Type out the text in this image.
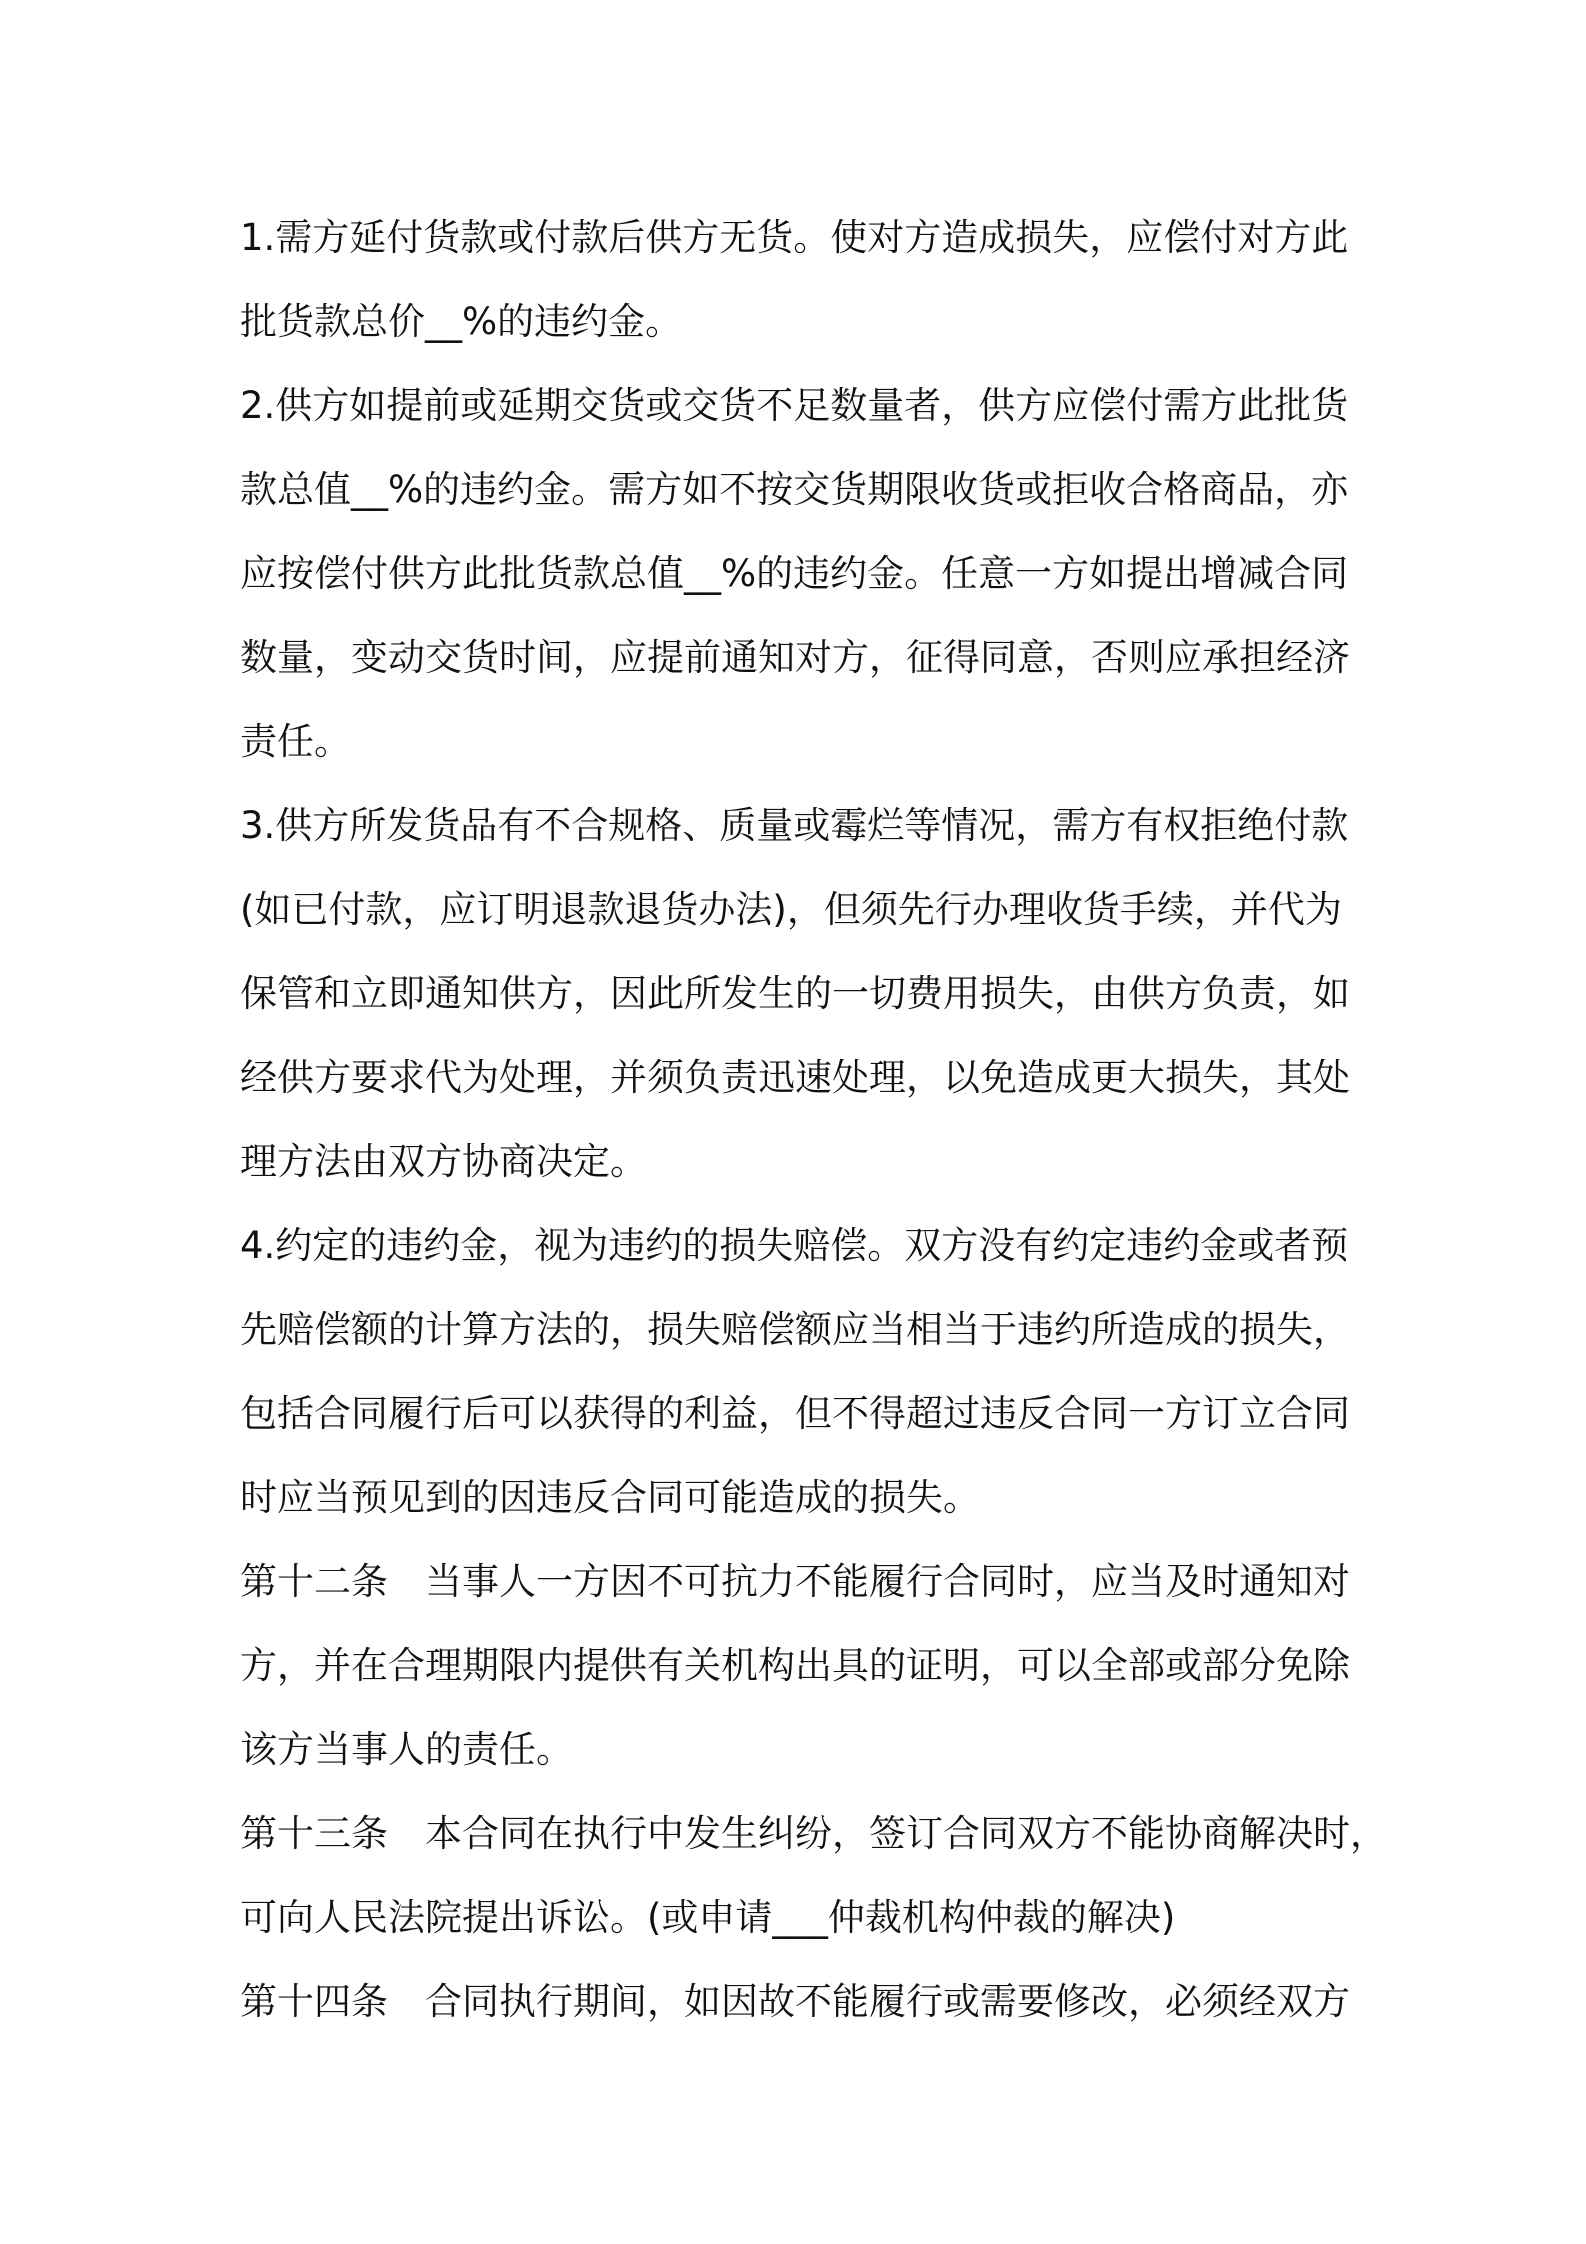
1.需方延付货款或付款后供方无货。使对方造成损失，应偿付对方此
批货款总价__%的违约金。
2.供方如提前或延期交货或交货不足数量者，供方应偿付需方此批货
款总值__%的违约金。需方如不按交货期限收货或拒收合格商品，亦
应按偿付供方此批货款总值__%的违约金。任意一方如提出增减合同
数量，变动交货时间，应提前通知对方，征得同意，否则应承担经济
责任。
3.供方所发货品有不合规格、质量或霉烂等情况，需方有权拒绝付款
(如已付款，应订明退款退货办法)，但须先行办理收货手续，并代为
保管和立即通知供方，因此所发生的一切费用损失，由供方负责，如
经供方要求代为处理，并须负责迅速处理，以免造成更大损失，其处
理方法由双方协商决定。
4.约定的违约金，视为违约的损失赔偿。双方没有约定违约金或者预
先赔偿额的计算方法的，损失赔偿额应当相当于违约所造成的损失，
包括合同履行后可以获得的利益，但不得超过违反合同一方订立合同
时应当预见到的因违反合同可能造成的损失。
第十二条　当事人一方因不可抗力不能履行合同时，应当及时通知对
方，并在合理期限内提供有关机构出具的证明，可以全部或部分免除
该方当事人的责任。
第十三条　本合同在执行中发生纠纷，签订合同双方不能协商解决时，
可向人民法院提出诉讼。(或申请___仲裁机构仲裁的解决)
第十四条　合同执行期间，如因故不能履行或需要修改，必须经双方
